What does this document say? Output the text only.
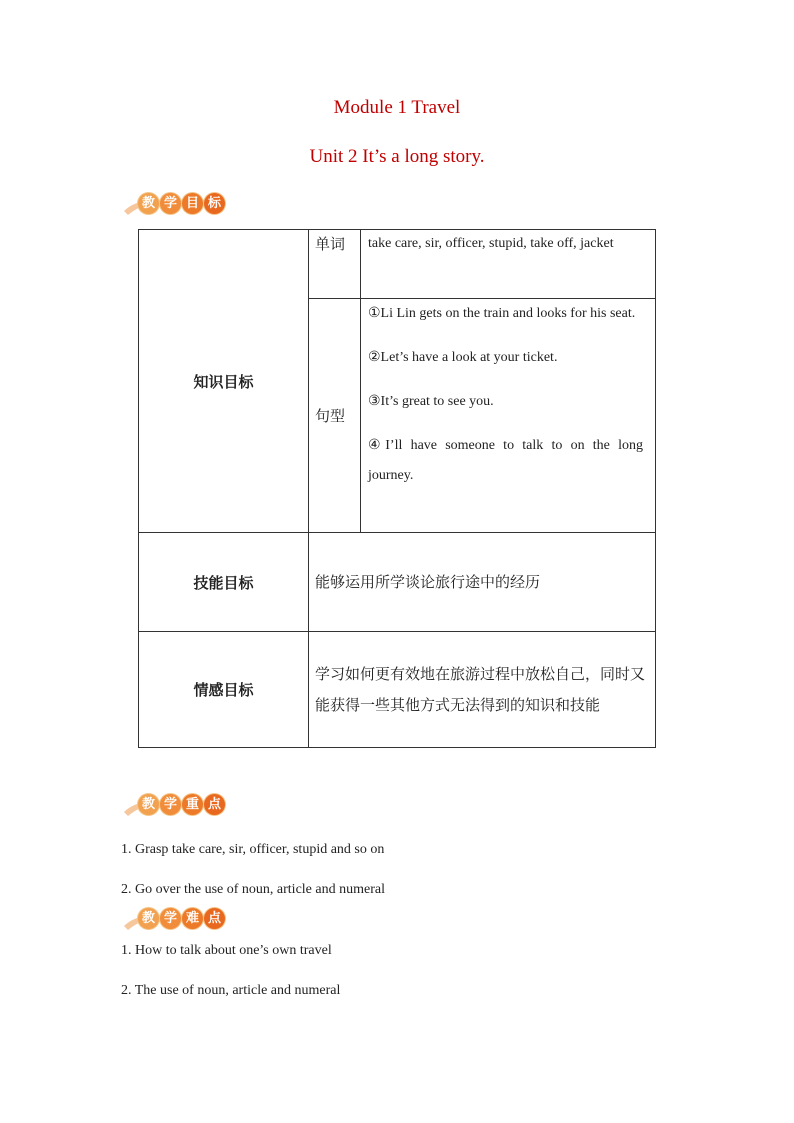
Module 1 Travel
Unit 2 It’s a long story.
教 学 目 标
知识目标	单词	take care, sir, officer, stupid, take off, jacket
	句型	①Li Lin gets on the train and looks for his seat.

②Let’s have a look at your ticket.

③It’s great to see you.

④I’ll have someone to talk to on the long journey.

技能目标	能够运用所学谈论旅行途中的经历	
情感目标	学习如何更有效地在旅游过程中放松自己，同时又能获得一些其他方式无法得到的知识和技能	
教 学 重 点
1. Grasp take care, sir, officer, stupid and so on
2. Go over the use of noun, article and numeral
教 学 难 点
1. How to talk about one’s own travel
2. The use of noun, article and numeral
